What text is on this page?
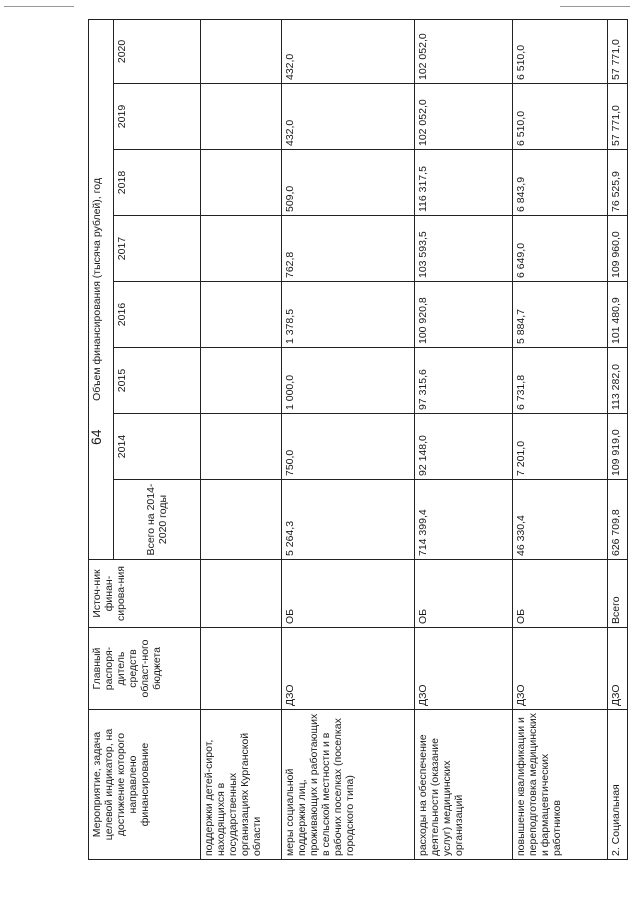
64
Мероприятие, задача целевой индикатор, на достижение которого направлено финансирование	Главный распоря-дитель средств област-ного бюджета	Источ-ник финан-сирова-ния	Объем финансирования (тысяча рублей), год							
			Всего на 2014-2020 годы	2014	2015	2016	2017	2018	2019	2020
поддержки детей-сирот, находящихся в государственных организациях Курганской области										
меры социальной поддержки лиц, проживающих и работающих в сельской местности и в рабочих поселках (поселках городского типа)	ДЗО	ОБ	5 264,3	750,0	1 000,0	1 378,5	762,8	509,0	432,0	432,0
расходы на обеспечение деятельности (оказание услуг) медицинских организаций	ДЗО	ОБ	714 399,4	92 148,0	97 315,6	100 920,8	103 593,5	116 317,5	102 052,0	102 052,0
повышение квалификации и переподготовка медицинских и фармацевтических работников	ДЗО	ОБ	46 330,4	7 201,0	6 731,8	5 884,7	6 649,0	6 843,9	6 510,0	6 510,0
2. Социальная	ДЗО	Всего	626 709,8	109 919,0	113 282,0	101 480,9	109 960,0	76 525,9	57 771,0	57 771,0
